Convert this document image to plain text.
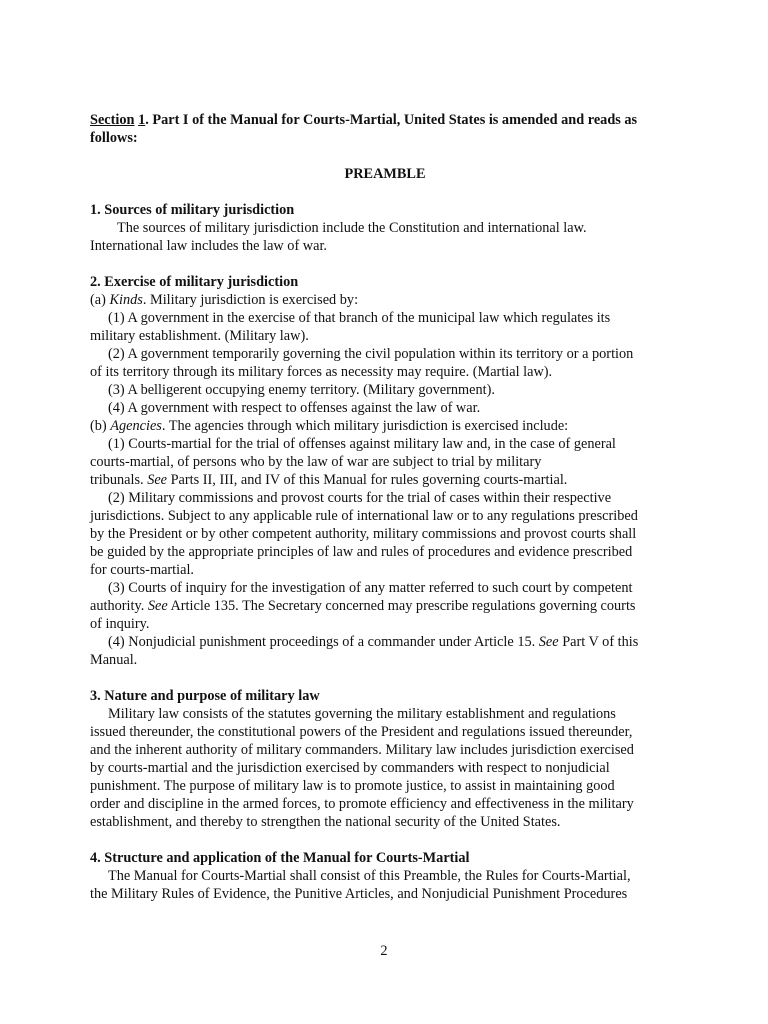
Section 1. Part I of the Manual for Courts-Martial, United States is amended and reads as follows:

PREAMBLE

1. Sources of military jurisdiction

The sources of military jurisdiction include the Constitution and international law.

International law includes the law of war.

2. Exercise of military jurisdiction

(a) Kinds. Military jurisdiction is exercised by:

(1) A government in the exercise of that branch of the municipal law which regulates its

military establishment. (Military law).

(2) A government temporarily governing the civil population within its territory or a portion

of its territory through its military forces as necessity may require. (Martial law).

(3) A belligerent occupying enemy territory. (Military government).

(4) A government with respect to offenses against the law of war.

(b) Agencies. The agencies through which military jurisdiction is exercised include:

(1) Courts-martial for the trial of offenses against military law and, in the case of general

courts-martial, of persons who by the law of war are subject to trial by military

tribunals. See Parts II, III, and IV of this Manual for rules governing courts-martial.

(2) Military commissions and provost courts for the trial of cases within their respective

jurisdictions. Subject to any applicable rule of international law or to any regulations prescribed

by the President or by other competent authority, military commissions and provost courts shall

be guided by the appropriate principles of law and rules of procedures and evidence prescribed

for courts-martial.

(3) Courts of inquiry for the investigation of any matter referred to such court by competent

authority. See Article 135. The Secretary concerned may prescribe regulations governing courts

of inquiry.

(4) Nonjudicial punishment proceedings of a commander under Article 15. See Part V of this

Manual.

3. Nature and purpose of military law

Military law consists of the statutes governing the military establishment and regulations

issued thereunder, the constitutional powers of the President and regulations issued thereunder,

and the inherent authority of military commanders. Military law includes jurisdiction exercised

by courts-martial and the jurisdiction exercised by commanders with respect to nonjudicial

punishment. The purpose of military law is to promote justice, to assist in maintaining good

order and discipline in the armed forces, to promote efficiency and effectiveness in the military

establishment, and thereby to strengthen the national security of the United States.

4. Structure and application of the Manual for Courts-Martial

The Manual for Courts-Martial shall consist of this Preamble, the Rules for Courts-Martial,

the Military Rules of Evidence, the Punitive Articles, and Nonjudicial Punishment Procedures

2
